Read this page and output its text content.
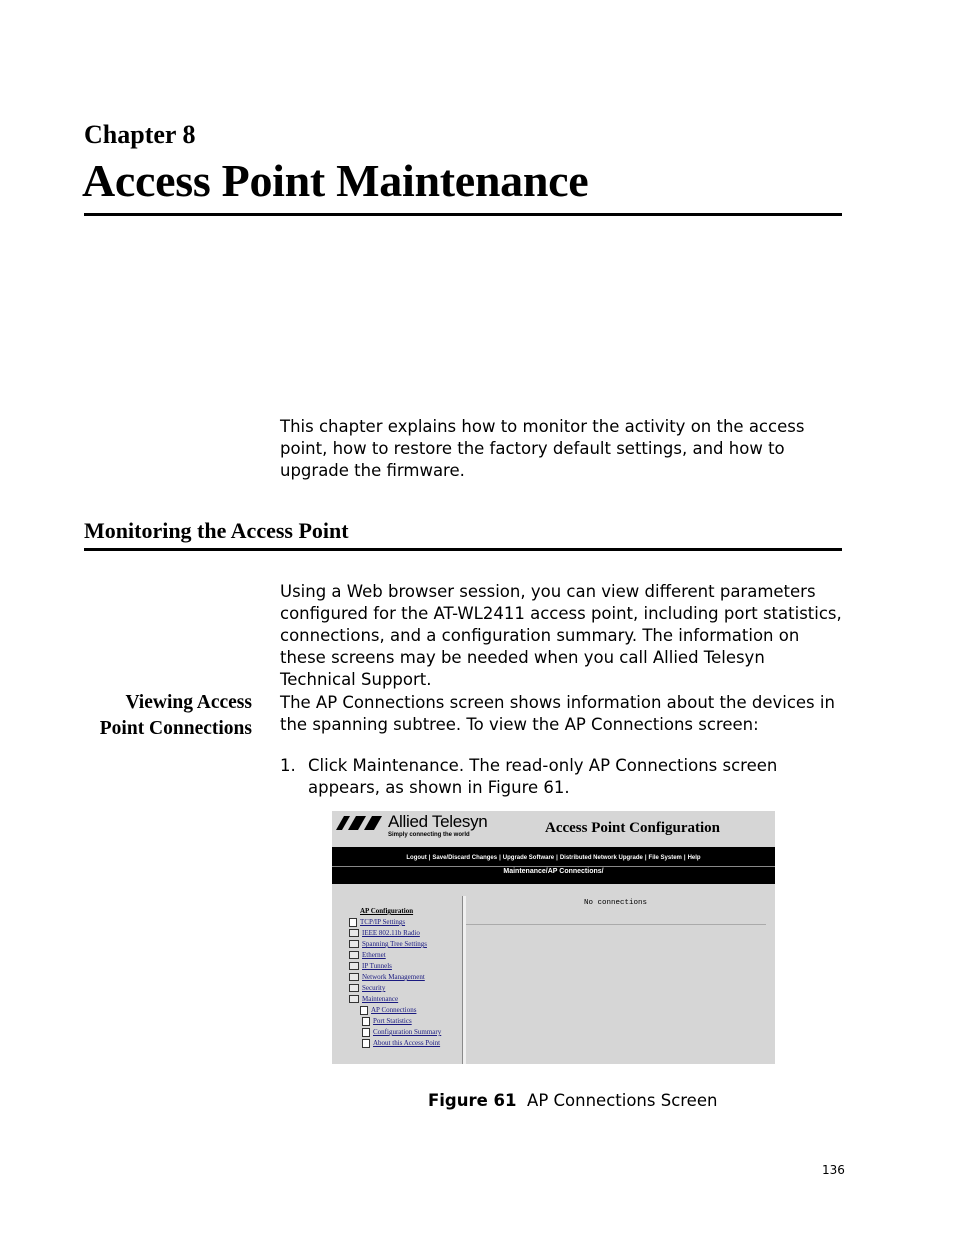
Chapter 8
Access Point Maintenance
This chapter explains how to monitor the activity on the access point, how to restore the factory default settings, and how to upgrade the firmware.
Monitoring the Access Point
Using a Web browser session, you can view different parameters configured for the AT-WL2411 access point, including port statistics, connections, and a configuration summary. The information on these screens may be needed when you call Allied Telesyn Technical Support.
Viewing Access Point Connections
The AP Connections screen shows information about the devices in the spanning subtree. To view the AP Connections screen:
1. Click Maintenance. The read-only AP Connections screen appears, as shown in Figure 61.
Allied Telesyn
Simply connecting the world	Access Point Configuration
Logout | Save/Discard Changes | Upgrade Software | Distributed Network Upgrade | File System | Help
Maintenance/AP Connections/
AP Configuration
TCP/IP Settings
IEEE 802.11b Radio
Spanning Tree Settings
Ethernet
IP Tunnels
Network Management
Security
Maintenance
AP Connections
Port Statistics
Configuration Summary
About this Access Point
No connections
Figure 61 AP Connections Screen
136
